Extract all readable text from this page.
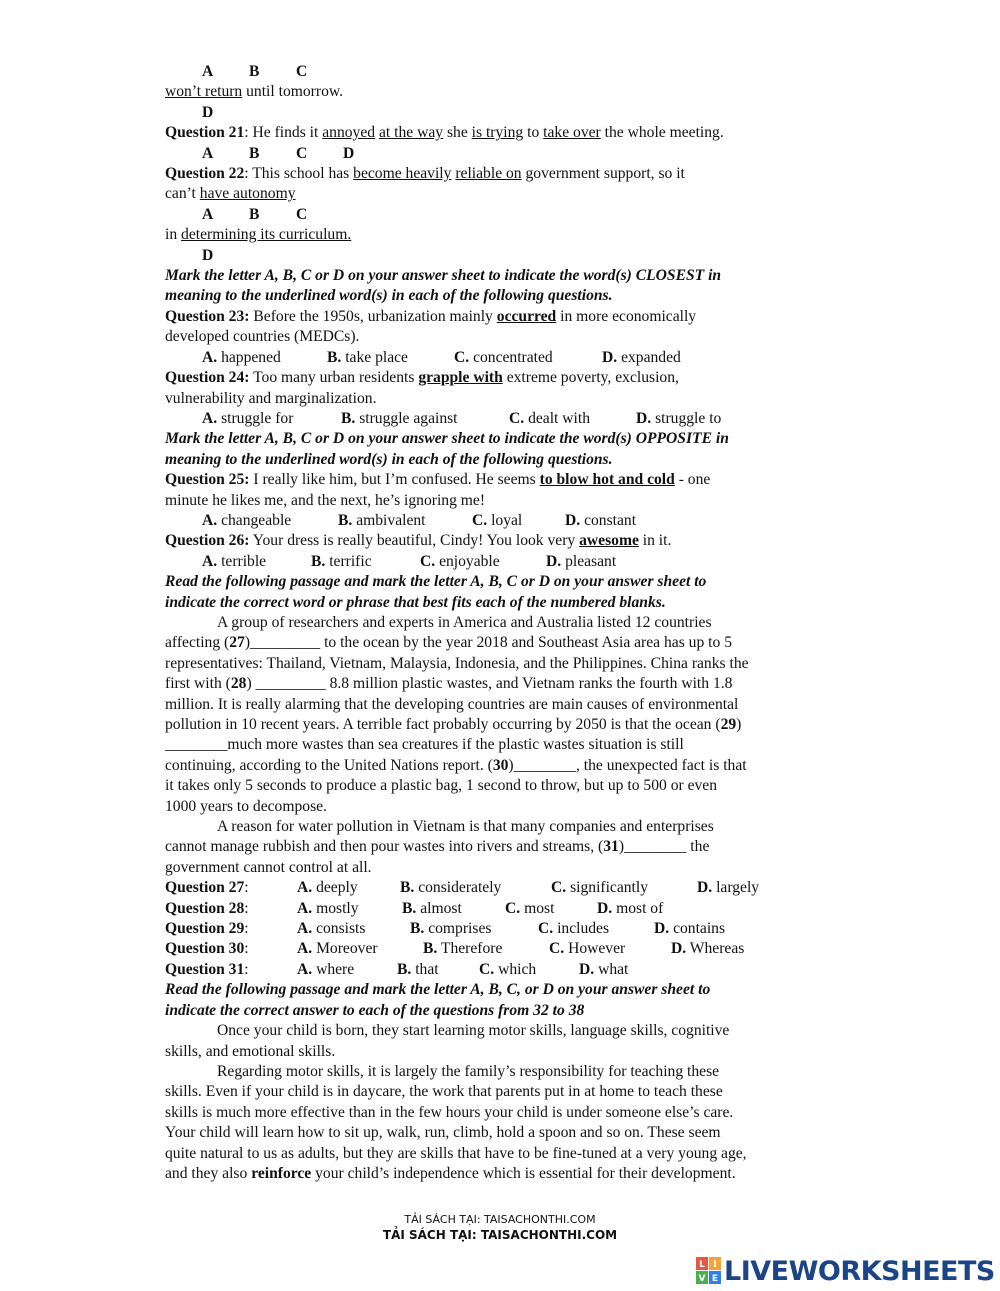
A B C
won’t return until tomorrow.
D
Question 21: He finds it annoyed at the way she is trying to take over the whole meeting.
A B C D
Question 22: This school has become heavily reliable on government support, so it
can’t have autonomy
A B C
in determining its curriculum.
D
Mark the letter A, B, C or D on your answer sheet to indicate the word(s) CLOSEST in
meaning to the underlined word(s) in each of the following questions.
Question 23: Before the 1950s, urbanization mainly occurred in more economically
developed countries (MEDCs).
A. happened	B. take place	C. concentrated	D. expanded
Question 24: Too many urban residents grapple with extreme poverty, exclusion,
vulnerability and marginalization.
A. struggle for	B. struggle against	C. dealt with	D. struggle to
Mark the letter A, B, C or D on your answer sheet to indicate the word(s) OPPOSITE in
meaning to the underlined word(s) in each of the following questions.
Question 25: I really like him, but I’m confused. He seems to blow hot and cold - one
minute he likes me, and the next, he’s ignoring me!
A. changeable	B. ambivalent	C. loyal	D. constant
Question 26: Your dress is really beautiful, Cindy! You look very awesome in it.
A. terrible	B. terrific	C. enjoyable	D. pleasant
Read the following passage and mark the letter A, B, C or D on your answer sheet to
indicate the correct word or phrase that best fits each of the numbered blanks.
A group of researchers and experts in America and Australia listed 12 countries
affecting (27)_________ to the ocean by the year 2018 and Southeast Asia area has up to 5
representatives: Thailand, Vietnam, Malaysia, Indonesia, and the Philippines. China ranks the
first with (28) _________ 8.8 million plastic wastes, and Vietnam ranks the fourth with 1.8
million. It is really alarming that the developing countries are main causes of environmental
pollution in 10 recent years. A terrible fact probably occurring by 2050 is that the ocean (29)
________much more wastes than sea creatures if the plastic wastes situation is still
continuing, according to the United Nations report. (30)________, the unexpected fact is that
it takes only 5 seconds to produce a plastic bag, 1 second to throw, but up to 500 or even
1000 years to decompose.
A reason for water pollution in Vietnam is that many companies and enterprises
cannot manage rubbish and then pour wastes into rivers and streams, (31)________ the
government cannot control at all.
Question 27:	A. deeply	B. considerately	C. significantly	D. largely
Question 28:	A. mostly	B. almost	C. most	D. most of
Question 29:	A. consists	B. comprises	C. includes	D. contains
Question 30:	A. Moreover	B. Therefore	C. However	D. Whereas
Question 31:	A. where	B. that	C. which	D. what
Read the following passage and mark the letter A, B, C, or D on your answer sheet to
indicate the correct answer to each of the questions from 32 to 38
Once your child is born, they start learning motor skills, language skills, cognitive
skills, and emotional skills.
Regarding motor skills, it is largely the family’s responsibility for teaching these
skills. Even if your child is in daycare, the work that parents put in at home to teach these
skills is much more effective than in the few hours your child is under someone else’s care.
Your child will learn how to sit up, walk, run, climb, hold a spoon and so on. These seem
quite natural to us as adults, but they are skills that have to be fine-tuned at a very young age,
and they also reinforce your child’s independence which is essential for their development.
TẢI SÁCH TẠI: TAISACHONTHI.COM
TẢI SÁCH TẠI: TAISACHONTHI.COM
L I
V E LIVEWORKSHEETS
